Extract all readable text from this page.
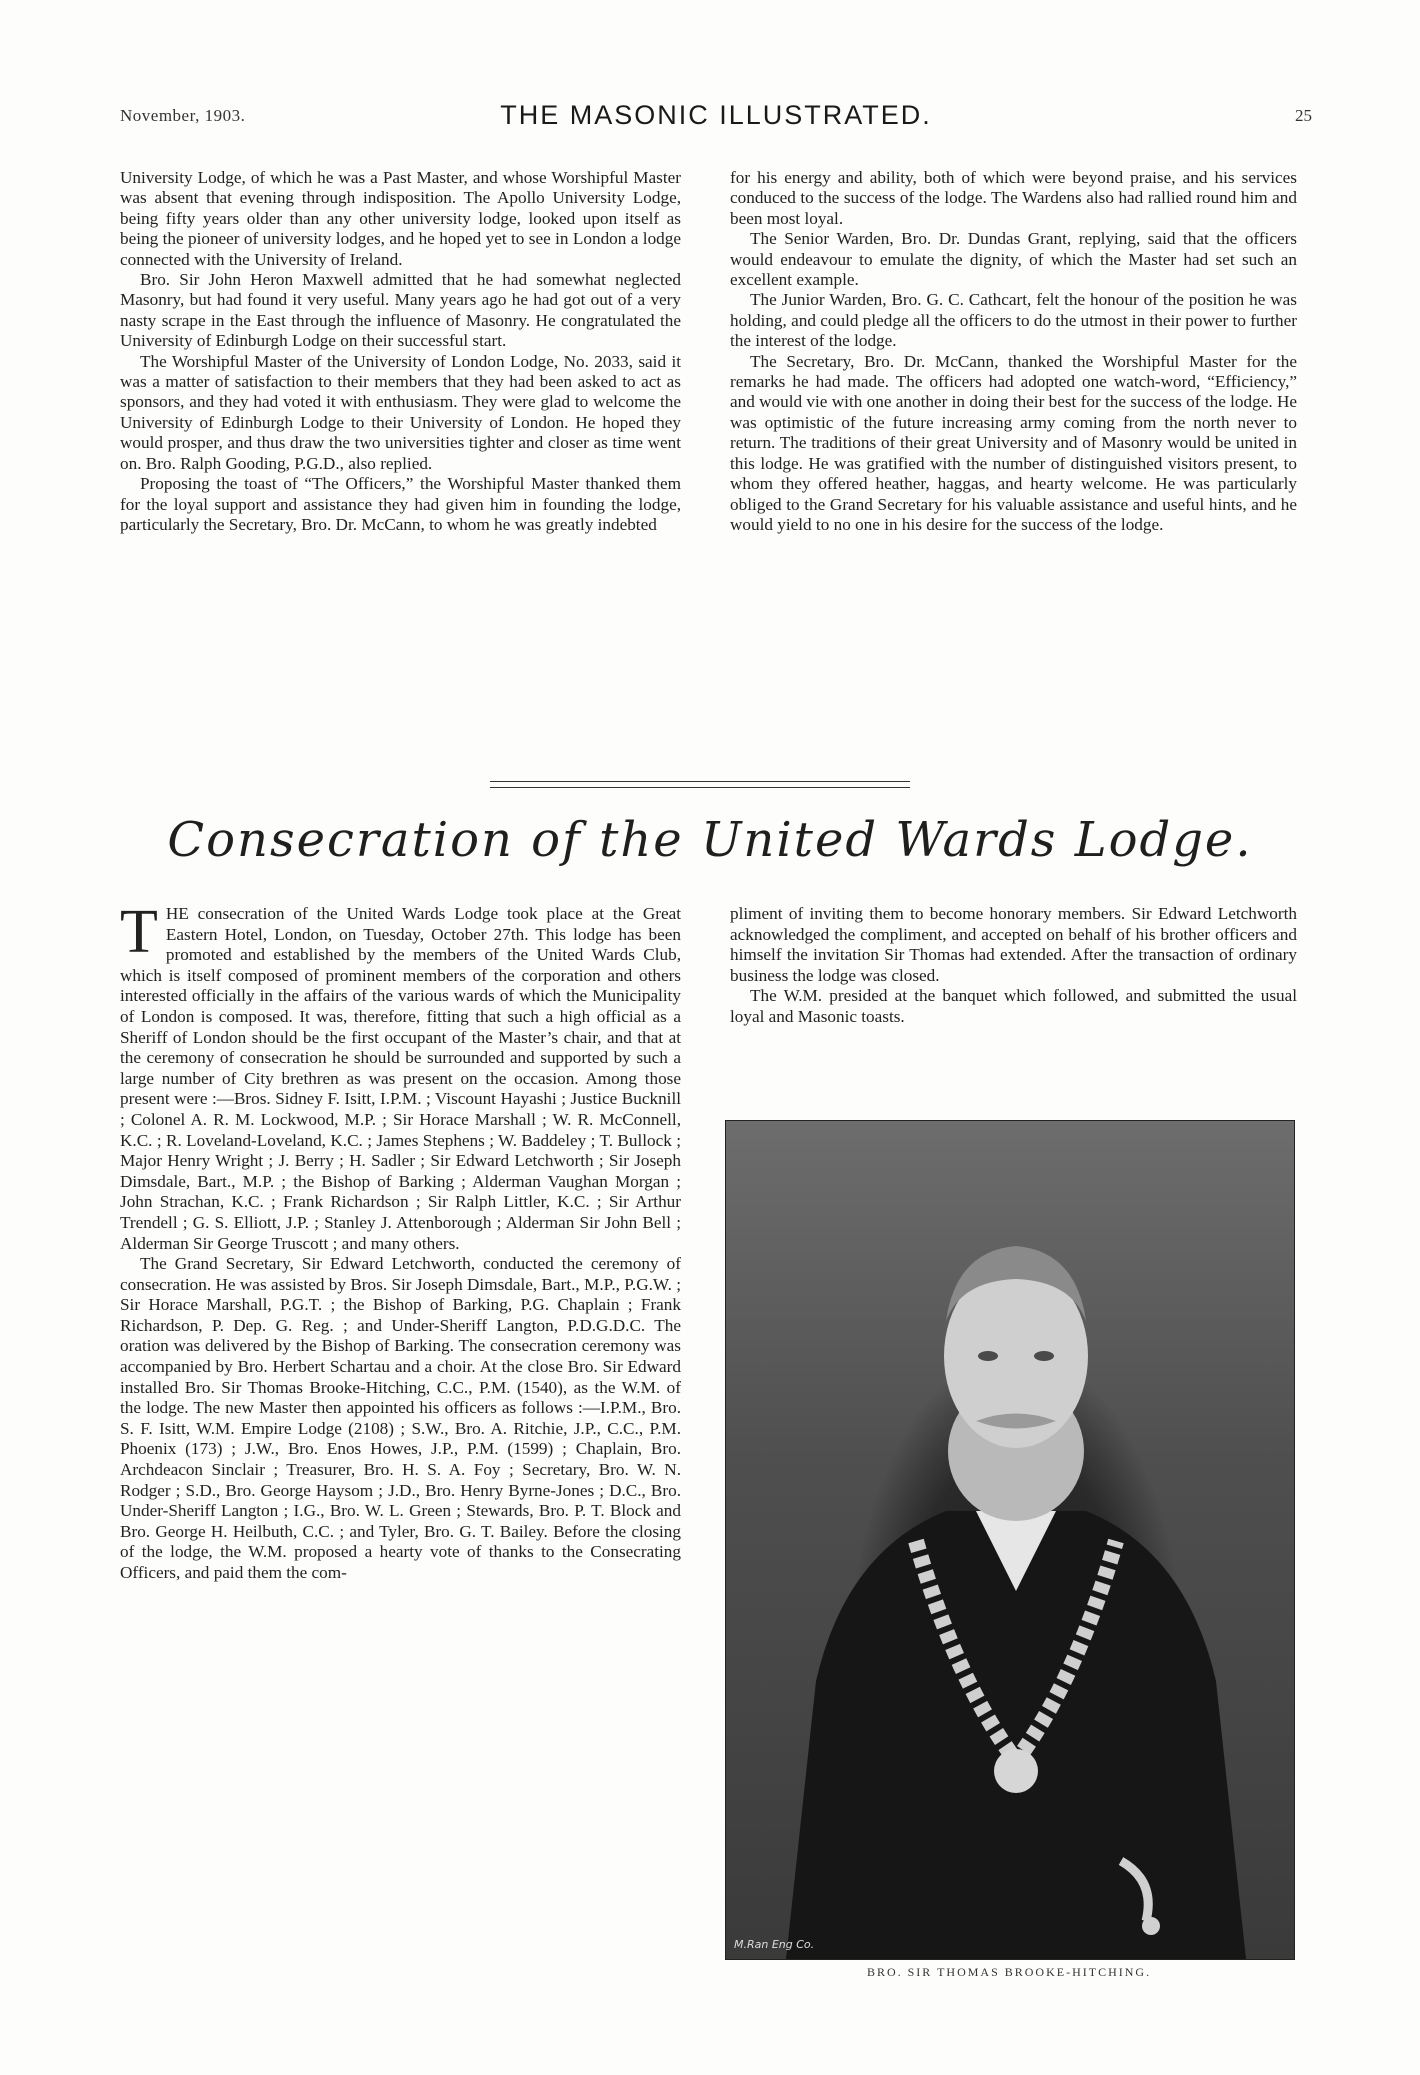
November, 1903.	THE MASONIC ILLUSTRATED.	25

University Lodge, of which he was a Past Master, and whose Worshipful Master was absent that evening through indisposition. The Apollo University Lodge, being fifty years older than any other university lodge, looked upon itself as being the pioneer of university lodges, and he hoped yet to see in London a lodge connected with the University of Ireland.

Bro. Sir John Heron Maxwell admitted that he had somewhat neglected Masonry, but had found it very useful. Many years ago he had got out of a very nasty scrape in the East through the influence of Masonry. He congratulated the University of Edinburgh Lodge on their successful start.

The Worshipful Master of the University of London Lodge, No. 2033, said it was a matter of satisfaction to their members that they had been asked to act as sponsors, and they had voted it with enthusiasm. They were glad to welcome the University of Edinburgh Lodge to their University of London. He hoped they would prosper, and thus draw the two universities tighter and closer as time went on. Bro. Ralph Gooding, P.G.D., also replied.

Proposing the toast of “The Officers,” the Worshipful Master thanked them for the loyal support and assistance they had given him in founding the lodge, particularly the Secretary, Bro. Dr. McCann, to whom he was greatly indebted

for his energy and ability, both of which were beyond praise, and his services conduced to the success of the lodge. The Wardens also had rallied round him and been most loyal.

The Senior Warden, Bro. Dr. Dundas Grant, replying, said that the officers would endeavour to emulate the dignity, of which the Master had set such an excellent example.

The Junior Warden, Bro. G. C. Cathcart, felt the honour of the position he was holding, and could pledge all the officers to do the utmost in their power to further the interest of the lodge.

The Secretary, Bro. Dr. McCann, thanked the Worshipful Master for the remarks he had made. The officers had adopted one watch-word, “Efficiency,” and would vie with one another in doing their best for the success of the lodge. He was optimistic of the future increasing army coming from the north never to return. The traditions of their great University and of Masonry would be united in this lodge. He was gratified with the number of distinguished visitors present, to whom they offered heather, haggas, and hearty welcome. He was particularly obliged to the Grand Secretary for his valuable assistance and useful hints, and he would yield to no one in his desire for the success of the lodge.

Consecration of the United Wards Lodge.

THE consecration of the United Wards Lodge took place at the Great Eastern Hotel, London, on Tuesday, October 27th. This lodge has been promoted and established by the members of the United Wards Club, which is itself composed of prominent members of the corporation and others interested officially in the affairs of the various wards of which the Municipality of London is composed. It was, therefore, fitting that such a high official as a Sheriff of London should be the first occupant of the Master’s chair, and that at the ceremony of consecration he should be surrounded and supported by such a large number of City brethren as was present on the occasion. Among those present were :—Bros. Sidney F. Isitt, I.P.M. ; Viscount Hayashi ; Justice Bucknill ; Colonel A. R. M. Lockwood, M.P. ; Sir Horace Marshall ; W. R. McConnell, K.C. ; R. Loveland-Loveland, K.C. ; James Stephens ; W. Baddeley ; T. Bullock ; Major Henry Wright ; J. Berry ; H. Sadler ; Sir Edward Letchworth ; Sir Joseph Dimsdale, Bart., M.P. ; the Bishop of Barking ; Alderman Vaughan Morgan ; John Strachan, K.C. ; Frank Richardson ; Sir Ralph Littler, K.C. ; Sir Arthur Trendell ; G. S. Elliott, J.P. ; Stanley J. Attenborough ; Alderman Sir John Bell ; Alderman Sir George Truscott ; and many others.

The Grand Secretary, Sir Edward Letchworth, conducted the ceremony of consecration. He was assisted by Bros. Sir Joseph Dimsdale, Bart., M.P., P.G.W. ; Sir Horace Marshall, P.G.T. ; the Bishop of Barking, P.G. Chaplain ; Frank Richardson, P. Dep. G. Reg. ; and Under-Sheriff Langton, P.D.G.D.C. The oration was delivered by the Bishop of Barking. The consecration ceremony was accompanied by Bro. Herbert Schartau and a choir. At the close Bro. Sir Edward installed Bro. Sir Thomas Brooke-Hitching, C.C., P.M. (1540), as the W.M. of the lodge. The new Master then appointed his officers as follows :—I.P.M., Bro. S. F. Isitt, W.M. Empire Lodge (2108) ; S.W., Bro. A. Ritchie, J.P., C.C., P.M. Phoenix (173) ; J.W., Bro. Enos Howes, J.P., P.M. (1599) ; Chaplain, Bro. Archdeacon Sinclair ; Treasurer, Bro. H. S. A. Foy ; Secretary, Bro. W. N. Rodger ; S.D., Bro. George Haysom ; J.D., Bro. Henry Byrne-Jones ; D.C., Bro. Under-Sheriff Langton ; I.G., Bro. W. L. Green ; Stewards, Bro. P. T. Block and Bro. George H. Heilbuth, C.C. ; and Tyler, Bro. G. T. Bailey. Before the closing of the lodge, the W.M. proposed a hearty vote of thanks to the Consecrating Officers, and paid them the com-

pliment of inviting them to become honorary members. Sir Edward Letchworth acknowledged the compliment, and accepted on behalf of his brother officers and himself the invitation Sir Thomas had extended. After the transaction of ordinary business the lodge was closed.

The W.M. presided at the banquet which followed, and submitted the usual loyal and Masonic toasts.

M.Ran Eng Co.
BRO. SIR THOMAS BROOKE-HITCHING.
